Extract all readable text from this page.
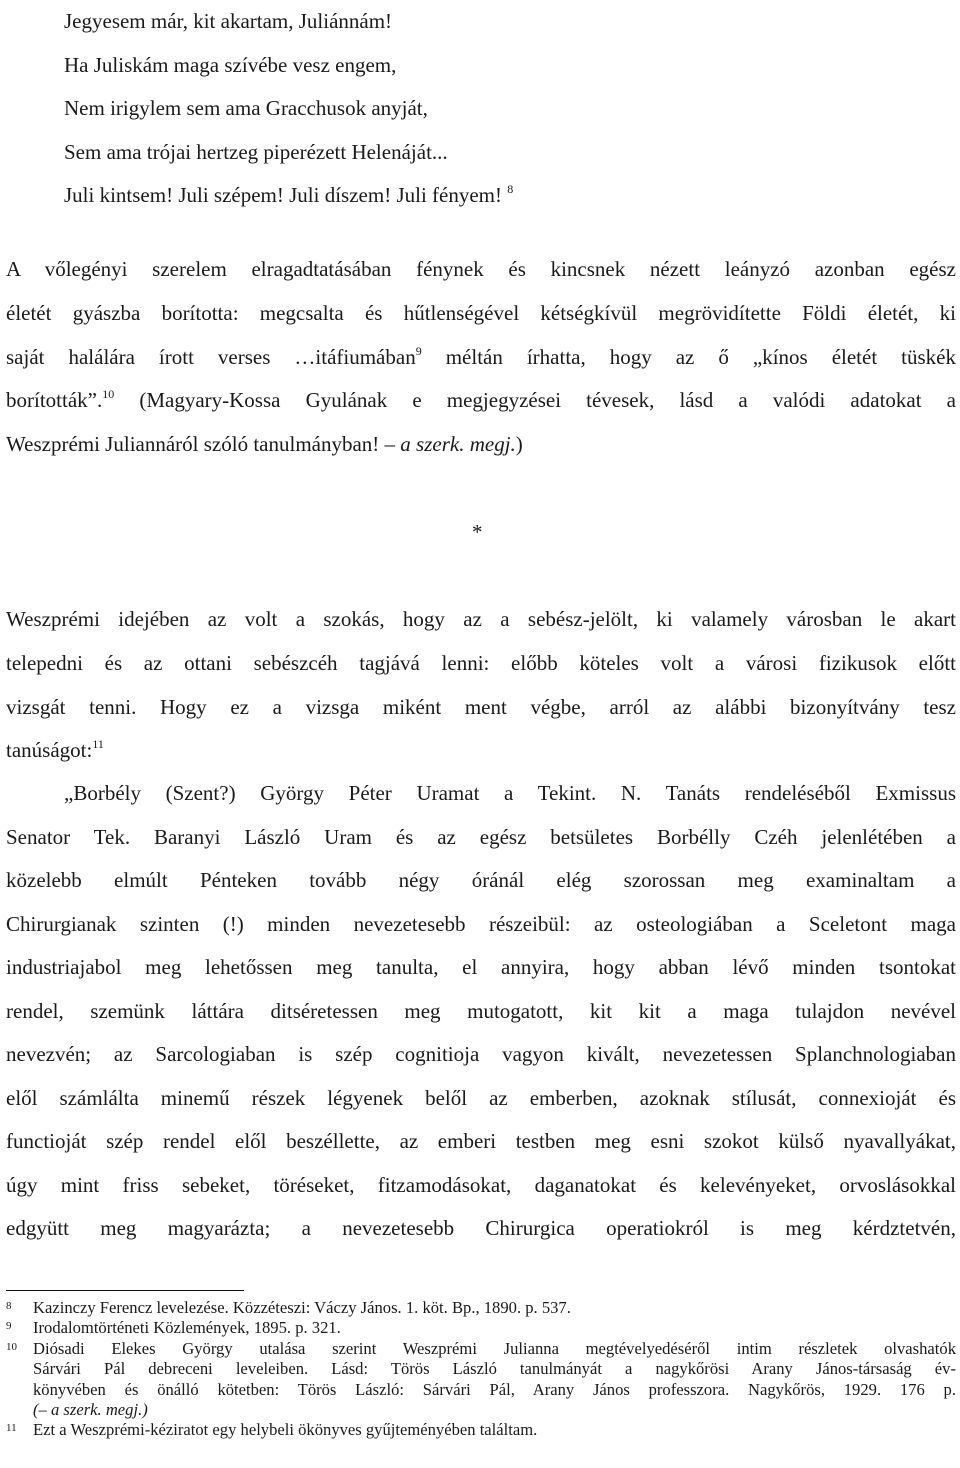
Jegyesem már, kit akartam, Juliánnám!
Ha Juliskám maga szívébe vesz engem,
Nem irigylem sem ama Gracchusok anyját,
Sem ama trójai hertzeg piperézett Helenáját...
Juli kintsem! Juli szépem! Juli díszem! Juli fényem! $^8$
A vőlegényi szerelem elragadtatásában fénynek és kincsnek nézett leányzó azonban egész
életét gyászba borította: megcsalta és hűtlenségével kétségkívül megrövidítette Földi életét, ki
saját halálára írott verses …itáfiumában$^9$ méltán írhatta, hogy az ő „kínos életét tüskék
borították”.$^{10}$ (Magyary-Kossa Gyulának e megjegyzései tévesek, lásd a valódi adatokat a
Weszprémi Juliannáról szóló tanulmányban! – a szerk. megj.)
*
Weszprémi idejében az volt a szokás, hogy az a sebész-jelölt, ki valamely városban le akart
telepedni és az ottani sebészcéh tagjává lenni: előbb köteles volt a városi fizikusok előtt
vizsgát tenni. Hogy ez a vizsga miként ment végbe, arról az alábbi bizonyítvány tesz
tanúságot:$^{11}$
„Borbély (Szent?) György Péter Uramat a Tekint. N. Tanáts rendeléséből Exmissus
Senator Tek. Baranyi László Uram és az egész betsületes Borbélly Czéh jelenlétében a
közelebb elmúlt Pénteken tovább négy óránál elég szorossan meg examinaltam a
Chirurgianak szinten (!) minden nevezetesebb részeibül: az osteologiában a Sceletont maga
industriajabol meg lehetőssen meg tanulta, el annyira, hogy abban lévő minden tsontokat
rendel, szemünk láttára ditséretessen meg mutogatott, kit kit a maga tulajdon nevével
nevezvén; az Sarcologiaban is szép cognitioja vagyon kivált, nevezetessen Splanchnologiaban
elől számlálta minemű részek légyenek belől az emberben, azoknak stílusát, connexioját és
functioját szép rendel elől beszéllette, az emberi testben meg esni szokot külső nyavallyákat,
úgy mint friss sebeket, töréseket, fitzamodásokat, daganatokat és kelevényeket, orvoslásokkal
edgyütt meg magyarázta; a nevezetesebb Chirurgica operatiokról is meg kérdztetvén,
8 Kazinczy Ferencz levelezése. Közzéteszi: Váczy János. 1. köt. Bp., 1890. p. 537.
9 Irodalomtörténeti Közlemények, 1895. p. 321.
10 Diósadi Elekes György utalása szerint Weszprémi Julianna megtévelyedéséről intim részletek olvashatók
Sárvári Pál debreceni leveleiben. Lásd: Törös László tanulmányát a nagykőrösi Arany János-társaság év-
könyvében és önálló kötetben: Törös László: Sárvári Pál, Arany János professzora. Nagykőrös, 1929. 176 p.
(– a szerk. megj.)
11 Ezt a Weszprémi-kéziratot egy helybeli ökönyves gyűjteményében találtam.
